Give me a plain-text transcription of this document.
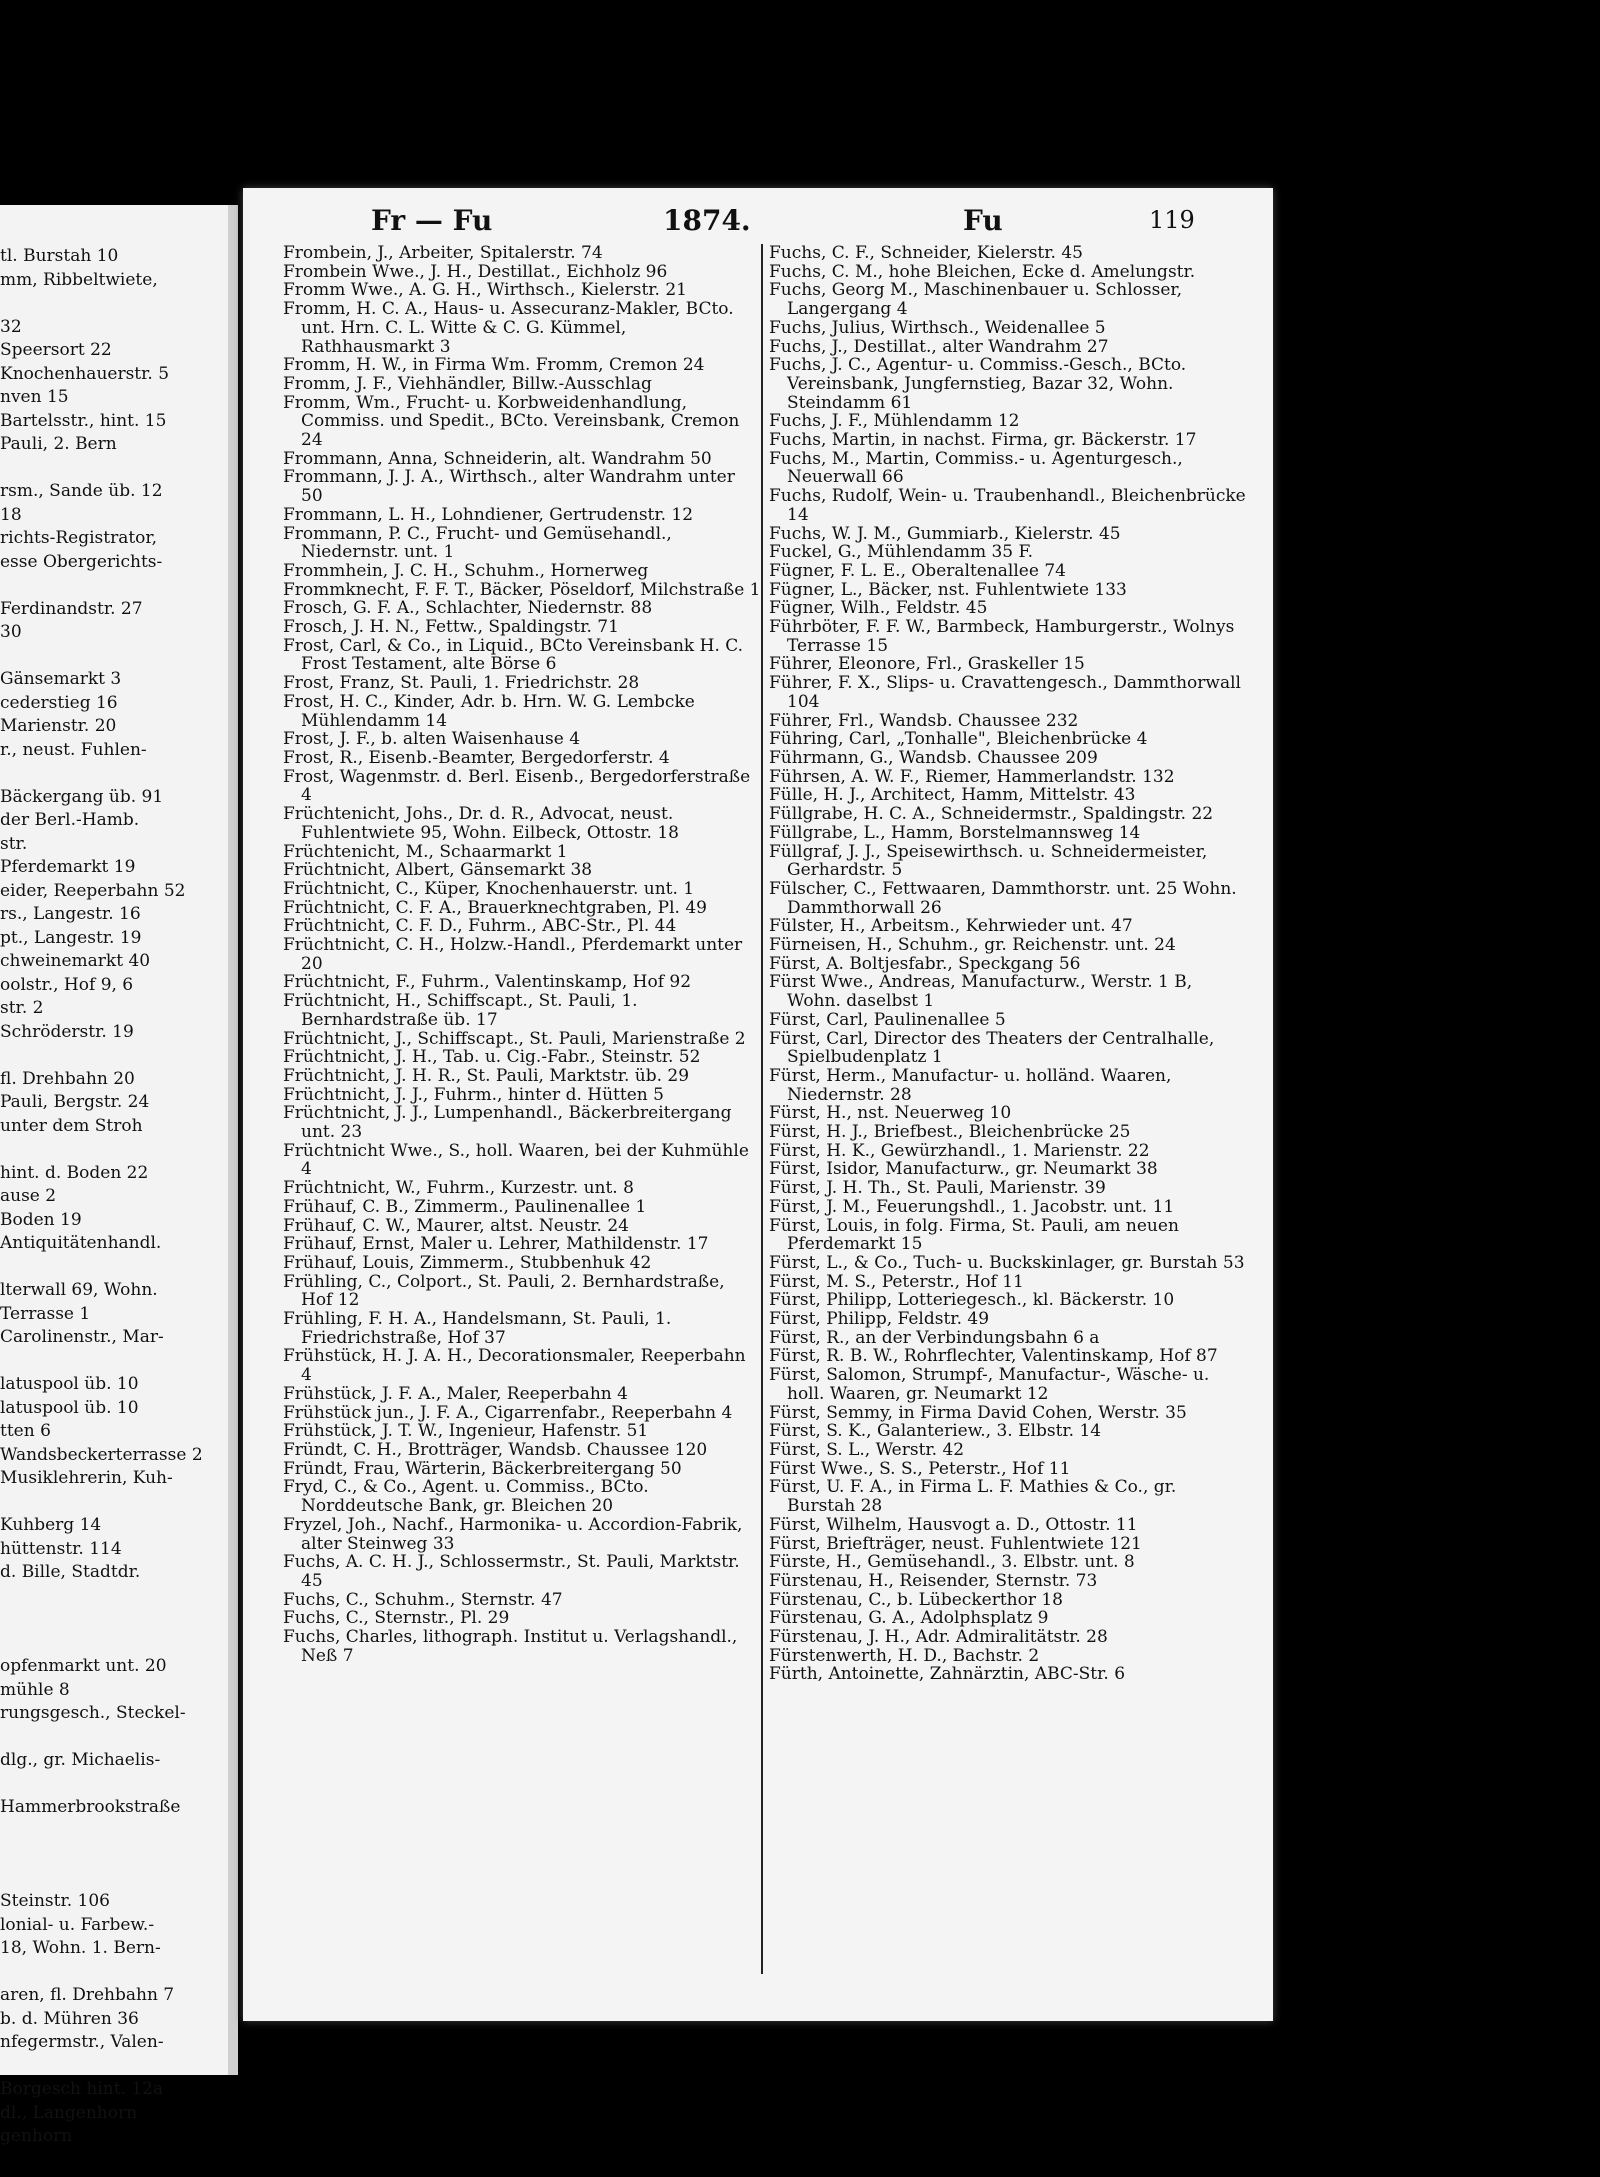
tl. Burstah 10
mm, Ribbeltwiete,

32
Speersort 22
Knochenhauerstr. 5
nven 15
Bartelsstr., hint. 15
Pauli, 2. Bern

rsm., Sande üb. 12
18
richts-Registrator,
esse Obergerichts-

Ferdinandstr. 27
30

Gänsemarkt 3
cederstieg 16
Marienstr. 20
r., neust. Fuhlen-

Bäckergang üb. 91
der Berl.-Hamb.
str.
Pferdemarkt 19
eider, Reeperbahn 52
rs., Langestr. 16
pt., Langestr. 19
chweinemarkt 40
oolstr., Hof 9, 6
str. 2
Schröderstr. 19

fl. Drehbahn 20
Pauli, Bergstr. 24
unter dem Stroh

hint. d. Boden 22
ause 2
Boden 19
Antiquitätenhandl.

lterwall 69, Wohn.
Terrasse 1
Carolinenstr., Mar-

latuspool üb. 10
latuspool üb. 10
tten 6
Wandsbeckerterrasse 2
Musiklehrerin, Kuh-

Kuhberg 14
hüttenstr. 114
d. Bille, Stadtdr.

opfenmarkt unt. 20
mühle 8
rungsgesch., Steckel-

dlg., gr. Michaelis-

Hammerbrookstraße

Steinstr. 106
lonial- u. Farbew.-
18, Wohn. 1. Bern-

aren, fl. Drehbahn 7
b. d. Mühren 36
nfegermstr., Valen-

Borgesch hint. 12a
dl., Langenhorn
genhorn
Fr — Fu	1874.	Fu	119
Frombein, J., Arbeiter, Spitalerstr. 74
Frombein Wwe., J. H., Destillat., Eichholz 96
Fromm Wwe., A. G. H., Wirthsch., Kielerstr. 21
Fromm, H. C. A., Haus- u. Assecuranz-Makler, BCto. unt. Hrn. C. L. Witte & C. G. Kümmel, Rathhausmarkt 3
Fromm, H. W., in Firma Wm. Fromm, Cremon 24
Fromm, J. F., Viehhändler, Billw.-Ausschlag
Fromm, Wm., Frucht- u. Korbweidenhandlung, Commiss. und Spedit., BCto. Vereinsbank, Cremon 24
Frommann, Anna, Schneiderin, alt. Wandrahm 50
Frommann, J. J. A., Wirthsch., alter Wandrahm unter 50
Frommann, L. H., Lohndiener, Gertrudenstr. 12
Frommann, P. C., Frucht- und Gemüsehandl., Niedernstr. unt. 1
Frommhein, J. C. H., Schuhm., Hornerweg
Frommknecht, F. F. T., Bäcker, Pöseldorf, Milchstraße 1
Frosch, G. F. A., Schlachter, Niedernstr. 88
Frosch, J. H. N., Fettw., Spaldingstr. 71
Frost, Carl, & Co., in Liquid., BCto Vereinsbank H. C. Frost Testament, alte Börse 6
Frost, Franz, St. Pauli, 1. Friedrichstr. 28
Frost, H. C., Kinder, Adr. b. Hrn. W. G. Lembcke Mühlendamm 14
Frost, J. F., b. alten Waisenhause 4
Frost, R., Eisenb.-Beamter, Bergedorferstr. 4
Frost, Wagenmstr. d. Berl. Eisenb., Bergedorferstraße 4
Früchtenicht, Johs., Dr. d. R., Advocat, neust. Fuhlentwiete 95, Wohn. Eilbeck, Ottostr. 18
Früchtenicht, M., Schaarmarkt 1
Früchtnicht, Albert, Gänsemarkt 38
Früchtnicht, C., Küper, Knochenhauerstr. unt. 1
Früchtnicht, C. F. A., Brauerknechtgraben, Pl. 49
Früchtnicht, C. F. D., Fuhrm., ABC-Str., Pl. 44
Früchtnicht, C. H., Holzw.-Handl., Pferdemarkt unter 20
Früchtnicht, F., Fuhrm., Valentinskamp, Hof 92
Früchtnicht, H., Schiffscapt., St. Pauli, 1. Bernhardstraße üb. 17
Früchtnicht, J., Schiffscapt., St. Pauli, Marienstraße 2
Früchtnicht, J. H., Tab. u. Cig.-Fabr., Steinstr. 52
Früchtnicht, J. H. R., St. Pauli, Marktstr. üb. 29
Früchtnicht, J. J., Fuhrm., hinter d. Hütten 5
Früchtnicht, J. J., Lumpenhandl., Bäckerbreitergang unt. 23
Früchtnicht Wwe., S., holl. Waaren, bei der Kuhmühle 4
Früchtnicht, W., Fuhrm., Kurzestr. unt. 8
Frühauf, C. B., Zimmerm., Paulinenallee 1
Frühauf, C. W., Maurer, altst. Neustr. 24
Frühauf, Ernst, Maler u. Lehrer, Mathildenstr. 17
Frühauf, Louis, Zimmerm., Stubbenhuk 42
Frühling, C., Colport., St. Pauli, 2. Bernhardstraße, Hof 12
Frühling, F. H. A., Handelsmann, St. Pauli, 1. Friedrichstraße, Hof 37
Frühstück, H. J. A. H., Decorationsmaler, Reeperbahn 4
Frühstück, J. F. A., Maler, Reeperbahn 4
Frühstück jun., J. F. A., Cigarrenfabr., Reeperbahn 4
Frühstück, J. T. W., Ingenieur, Hafenstr. 51
Fründt, C. H., Brotträger, Wandsb. Chaussee 120
Fründt, Frau, Wärterin, Bäckerbreitergang 50
Fryd, C., & Co., Agent. u. Commiss., BCto. Norddeutsche Bank, gr. Bleichen 20
Fryzel, Joh., Nachf., Harmonika- u. Accordion-Fabrik, alter Steinweg 33
Fuchs, A. C. H. J., Schlossermstr., St. Pauli, Marktstr. 45
Fuchs, C., Schuhm., Sternstr. 47
Fuchs, C., Sternstr., Pl. 29
Fuchs, Charles, lithograph. Institut u. Verlagshandl., Neß 7
Fuchs, C. F., Schneider, Kielerstr. 45
Fuchs, C. M., hohe Bleichen, Ecke d. Amelungstr.
Fuchs, Georg M., Maschinenbauer u. Schlosser, Langergang 4
Fuchs, Julius, Wirthsch., Weidenallee 5
Fuchs, J., Destillat., alter Wandrahm 27
Fuchs, J. C., Agentur- u. Commiss.-Gesch., BCto. Vereinsbank, Jungfernstieg, Bazar 32, Wohn. Steindamm 61
Fuchs, J. F., Mühlendamm 12
Fuchs, Martin, in nachst. Firma, gr. Bäckerstr. 17
Fuchs, M., Martin, Commiss.- u. Agenturgesch., Neuerwall 66
Fuchs, Rudolf, Wein- u. Traubenhandl., Bleichenbrücke 14
Fuchs, W. J. M., Gummiarb., Kielerstr. 45
Fuckel, G., Mühlendamm 35 F.
Fügner, F. L. E., Oberaltenallee 74
Fügner, L., Bäcker, nst. Fuhlentwiete 133
Fügner, Wilh., Feldstr. 45
Führböter, F. F. W., Barmbeck, Hamburgerstr., Wolnys Terrasse 15
Führer, Eleonore, Frl., Graskeller 15
Führer, F. X., Slips- u. Cravattengesch., Dammthorwall 104
Führer, Frl., Wandsb. Chaussee 232
Führing, Carl, „Tonhalle", Bleichenbrücke 4
Führmann, G., Wandsb. Chaussee 209
Führsen, A. W. F., Riemer, Hammerlandstr. 132
Fülle, H. J., Architect, Hamm, Mittelstr. 43
Füllgrabe, H. C. A., Schneidermstr., Spaldingstr. 22
Füllgrabe, L., Hamm, Borstelmannsweg 14
Füllgraf, J. J., Speisewirthsch. u. Schneidermeister, Gerhardstr. 5
Fülscher, C., Fettwaaren, Dammthorstr. unt. 25 Wohn. Dammthorwall 26
Fülster, H., Arbeitsm., Kehrwieder unt. 47
Fürneisen, H., Schuhm., gr. Reichenstr. unt. 24
Fürst, A. Boltjesfabr., Speckgang 56
Fürst Wwe., Andreas, Manufacturw., Werstr. 1 B, Wohn. daselbst 1
Fürst, Carl, Paulinenallee 5
Fürst, Carl, Director des Theaters der Centralhalle, Spielbudenplatz 1
Fürst, Herm., Manufactur- u. holländ. Waaren, Niedernstr. 28
Fürst, H., nst. Neuerweg 10
Fürst, H. J., Briefbest., Bleichenbrücke 25
Fürst, H. K., Gewürzhandl., 1. Marienstr. 22
Fürst, Isidor, Manufacturw., gr. Neumarkt 38
Fürst, J. H. Th., St. Pauli, Marienstr. 39
Fürst, J. M., Feuerungshdl., 1. Jacobstr. unt. 11
Fürst, Louis, in folg. Firma, St. Pauli, am neuen Pferdemarkt 15
Fürst, L., & Co., Tuch- u. Buckskinlager, gr. Burstah 53
Fürst, M. S., Peterstr., Hof 11
Fürst, Philipp, Lotteriegesch., kl. Bäckerstr. 10
Fürst, Philipp, Feldstr. 49
Fürst, R., an der Verbindungsbahn 6 a
Fürst, R. B. W., Rohrflechter, Valentinskamp, Hof 87
Fürst, Salomon, Strumpf-, Manufactur-, Wäsche- u. holl. Waaren, gr. Neumarkt 12
Fürst, Semmy, in Firma David Cohen, Werstr. 35
Fürst, S. K., Galanteriew., 3. Elbstr. 14
Fürst, S. L., Werstr. 42
Fürst Wwe., S. S., Peterstr., Hof 11
Fürst, U. F. A., in Firma L. F. Mathies & Co., gr. Burstah 28
Fürst, Wilhelm, Hausvogt a. D., Ottostr. 11
Fürst, Briefträger, neust. Fuhlentwiete 121
Fürste, H., Gemüsehandl., 3. Elbstr. unt. 8
Fürstenau, H., Reisender, Sternstr. 73
Fürstenau, C., b. Lübeckerthor 18
Fürstenau, G. A., Adolphsplatz 9
Fürstenau, J. H., Adr. Admiralitätstr. 28
Fürstenwerth, H. D., Bachstr. 2
Fürth, Antoinette, Zahnärztin, ABC-Str. 6
